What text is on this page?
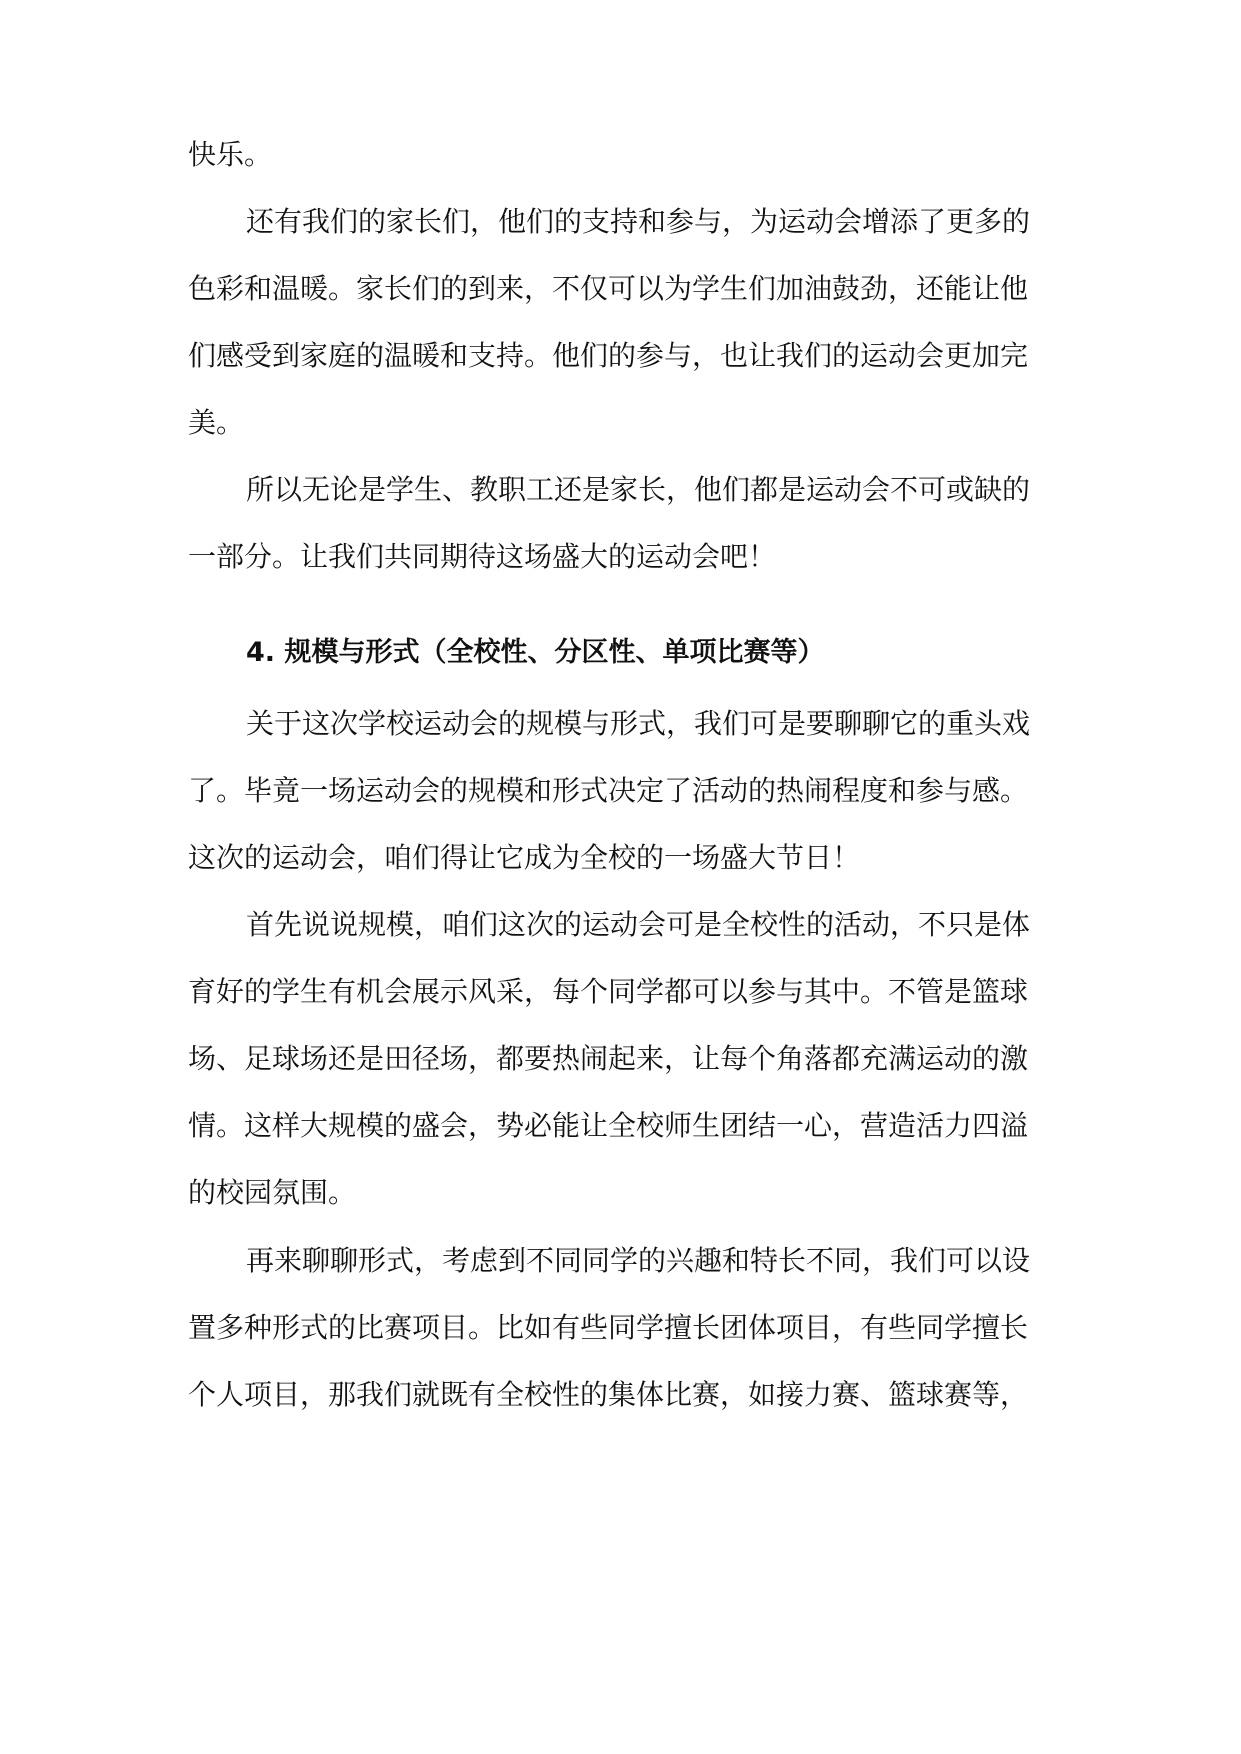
快乐。
还有我们的家长们，他们的支持和参与，为运动会增添了更多的
色彩和温暖。家长们的到来，不仅可以为学生们加油鼓劲，还能让他
们感受到家庭的温暖和支持。他们的参与，也让我们的运动会更加完
美。
所以无论是学生、教职工还是家长，他们都是运动会不可或缺的
一部分。让我们共同期待这场盛大的运动会吧！
4. 规模与形式（全校性、分区性、单项比赛等）
关于这次学校运动会的规模与形式，我们可是要聊聊它的重头戏
了。毕竟一场运动会的规模和形式决定了活动的热闹程度和参与感。
这次的运动会，咱们得让它成为全校的一场盛大节日！
首先说说规模，咱们这次的运动会可是全校性的活动，不只是体
育好的学生有机会展示风采，每个同学都可以参与其中。不管是篮球
场、足球场还是田径场，都要热闹起来，让每个角落都充满运动的激
情。这样大规模的盛会，势必能让全校师生团结一心，营造活力四溢
的校园氛围。
再来聊聊形式，考虑到不同同学的兴趣和特长不同，我们可以设
置多种形式的比赛项目。比如有些同学擅长团体项目，有些同学擅长
个人项目，那我们就既有全校性的集体比赛，如接力赛、篮球赛等，
